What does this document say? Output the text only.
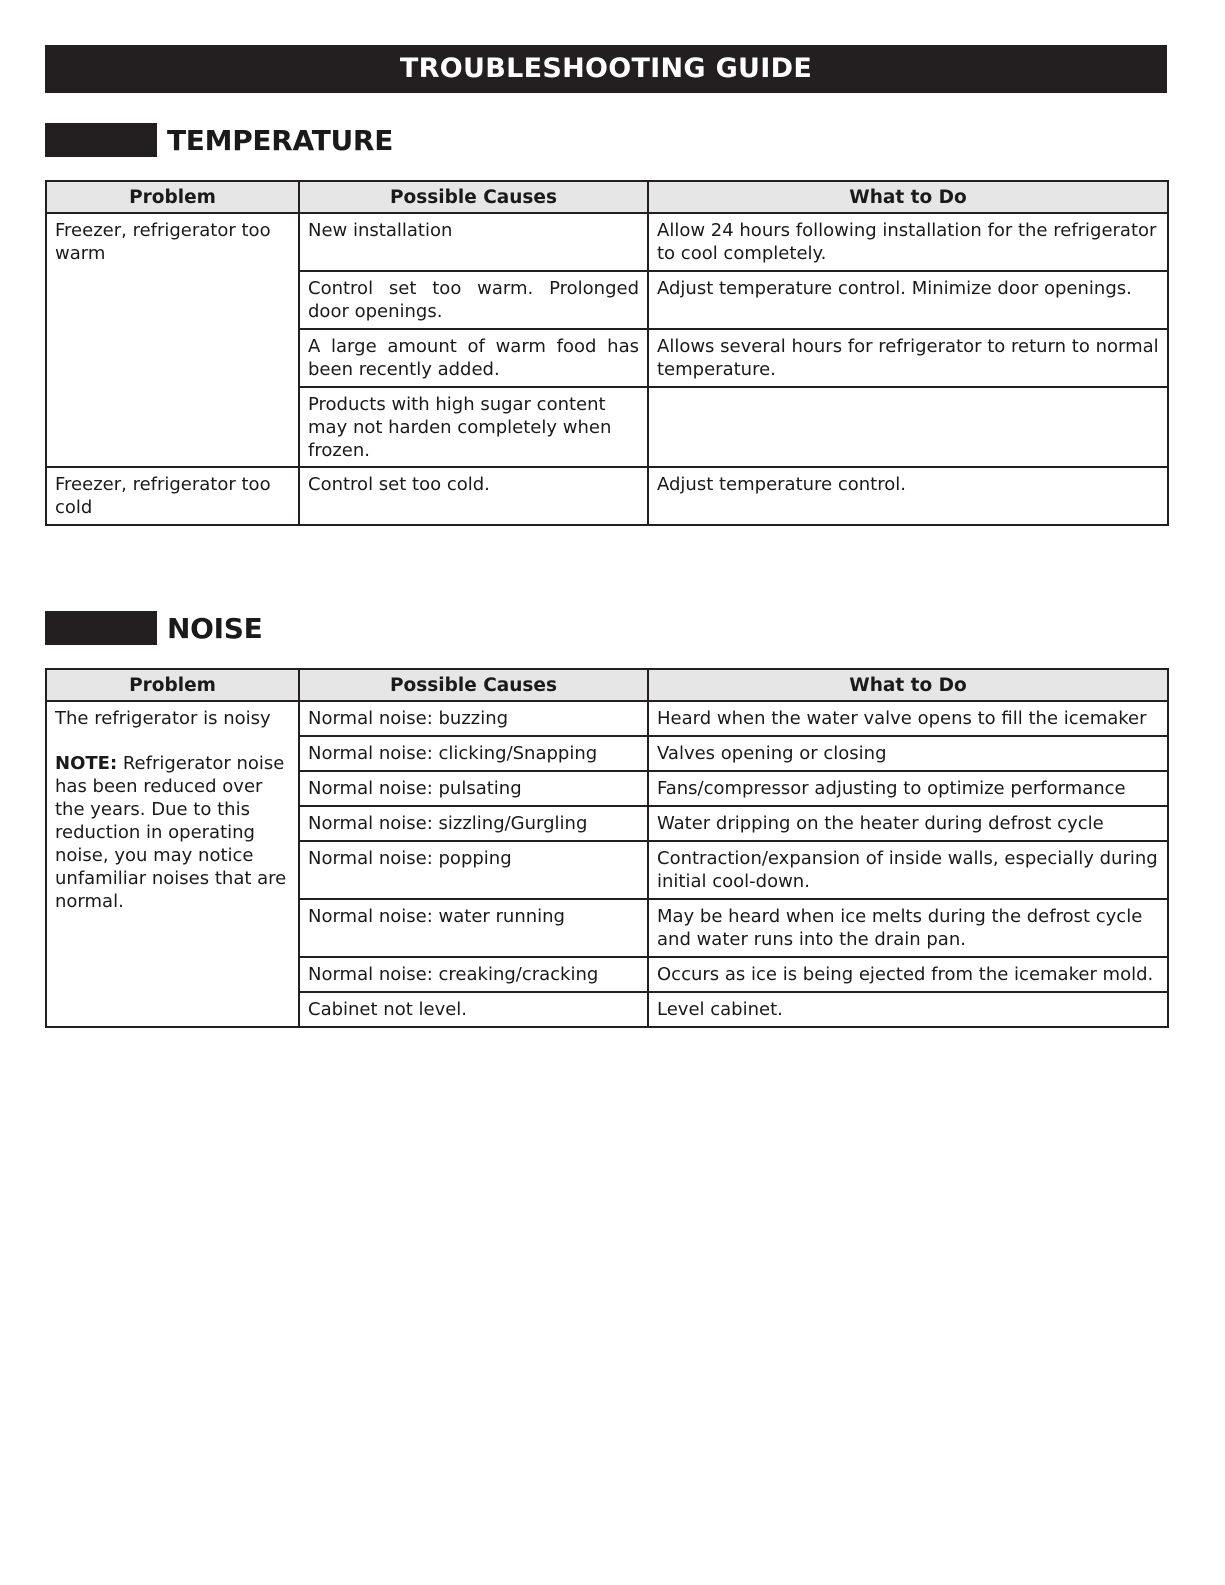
TROUBLESHOOTING GUIDE
TEMPERATURE
Problem	Possible Causes	What to Do
Freezer, refrigerator too warm	New installation	Allow 24 hours following installation for the refrigerator to cool completely.
	Control set too warm. Prolonged door openings.	Adjust temperature control. Minimize door openings.
	A large amount of warm food has been recently added.	Allows several hours for refrigerator to return to normal temperature.
	Products with high sugar content may not harden completely when frozen.	
Freezer, refrigerator too cold	Control set too cold.	Adjust temperature control.
NOISE
Problem	Possible Causes	What to Do

The refrigerator is noisy
NOTE: Refrigerator noise has been reduced over the years. Due to this reduction in operating noise, you may notice unfamiliar noises that are normal.	Normal noise: buzzing	Heard when the water valve opens to fill the icemaker
	Normal noise: clicking/Snapping	Valves opening or closing
	Normal noise: pulsating	Fans/compressor adjusting to optimize performance
	Normal noise: sizzling/Gurgling	Water dripping on the heater during defrost cycle
	Normal noise: popping	Contraction/expansion of inside walls, especially during initial cool-down.
	Normal noise: water running	May be heard when ice melts during the defrost cycle and water runs into the drain pan.
	Normal noise: creaking/cracking	Occurs as ice is being ejected from the icemaker mold.
	Cabinet not level.	Level cabinet.
